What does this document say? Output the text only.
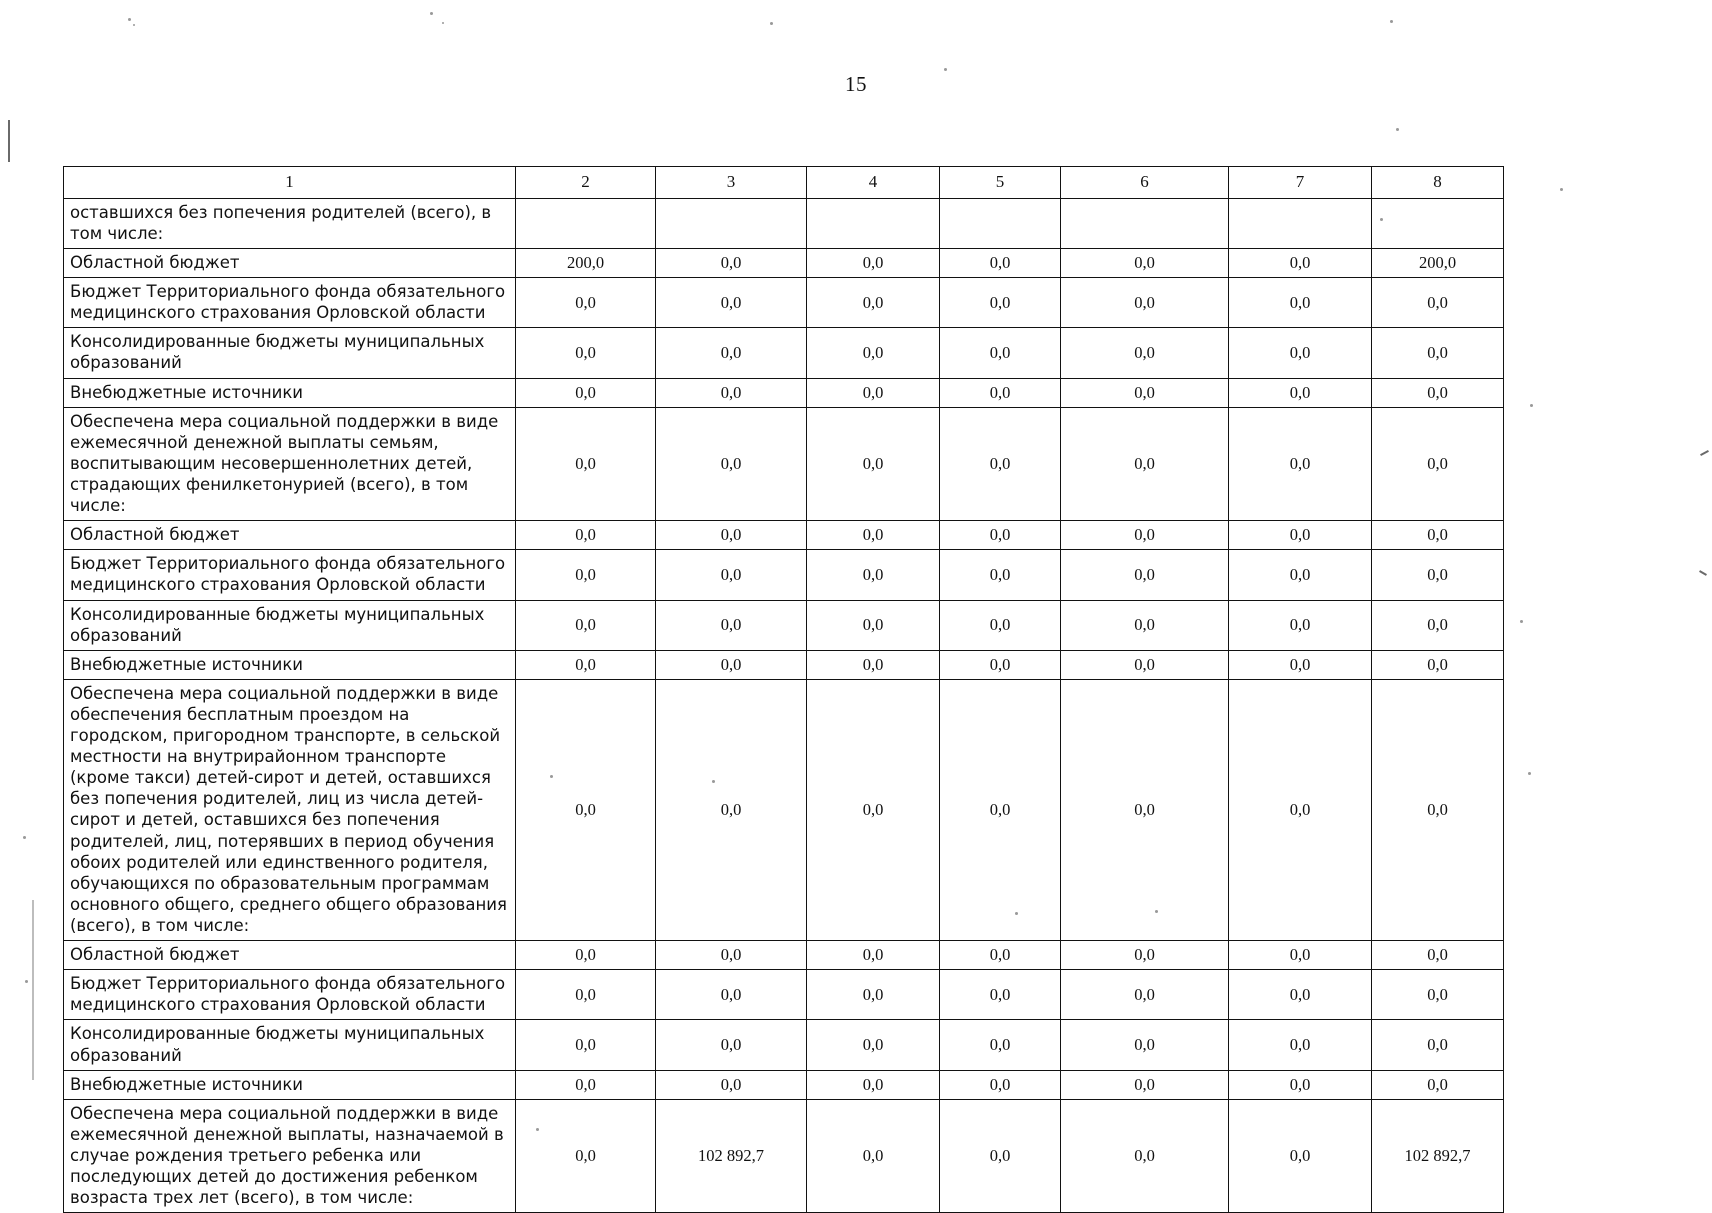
15
1	2	3	4	5	6	7	8
оставшихся без попечения родителей (всего), в том числе:							
Областной бюджет	200,0	0,0	0,0	0,0	0,0	0,0	200,0
Бюджет Территориального фонда обязательного медицинского страхования Орловской области	0,0	0,0	0,0	0,0	0,0	0,0	0,0
Консолидированные бюджеты муниципальных образований	0,0	0,0	0,0	0,0	0,0	0,0	0,0
Внебюджетные источники	0,0	0,0	0,0	0,0	0,0	0,0	0,0
Обеспечена мера социальной поддержки в виде ежемесячной денежной выплаты семьям, воспитывающим несовершеннолетних детей, страдающих фенилкетонурией (всего), в том числе:	0,0	0,0	0,0	0,0	0,0	0,0	0,0
Областной бюджет	0,0	0,0	0,0	0,0	0,0	0,0	0,0
Бюджет Территориального фонда обязательного медицинского страхования Орловской области	0,0	0,0	0,0	0,0	0,0	0,0	0,0
Консолидированные бюджеты муниципальных образований	0,0	0,0	0,0	0,0	0,0	0,0	0,0
Внебюджетные источники	0,0	0,0	0,0	0,0	0,0	0,0	0,0
Обеспечена мера социальной поддержки в виде обеспечения бесплатным проездом на городском, пригородном транспорте, в сельской местности на внутрирайонном транспорте (кроме такси) детей-сирот и детей, оставшихся без попечения родителей, лиц из числа детей-сирот и детей, оставшихся без попечения родителей, лиц, потерявших в период обучения обоих родителей или единственного родителя, обучающихся по образовательным программам основного общего, среднего общего образования (всего), в том числе:	0,0	0,0	0,0	0,0	0,0	0,0	0,0
Областной бюджет	0,0	0,0	0,0	0,0	0,0	0,0	0,0
Бюджет Территориального фонда обязательного медицинского страхования Орловской области	0,0	0,0	0,0	0,0	0,0	0,0	0,0
Консолидированные бюджеты муниципальных образований	0,0	0,0	0,0	0,0	0,0	0,0	0,0
Внебюджетные источники	0,0	0,0	0,0	0,0	0,0	0,0	0,0
Обеспечена мера социальной поддержки в виде ежемесячной денежной выплаты, назначаемой в случае рождения третьего ребенка или последующих детей до достижения ребенком возраста трех лет (всего), в том числе:	0,0	102 892,7	0,0	0,0	0,0	0,0	102 892,7
